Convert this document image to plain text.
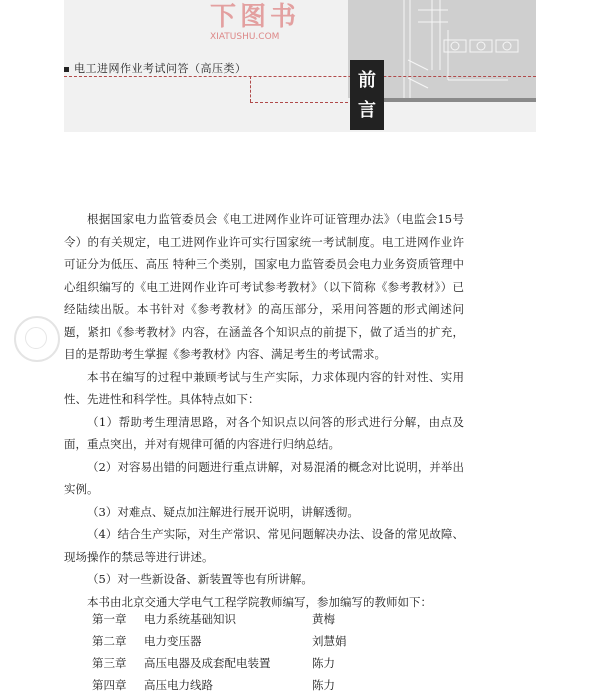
下图书
XIATUSHU.COM
电工进网作业考试问答（高压类）
前
言

根据国家电力监管委员会《电工进网作业许可证管理办法》（电监会15号令）的有关规定，电工进网作业许可实行国家统一考试制度。电工进网作业许可证分为低压、高压 特种三个类别，国家电力监管委员会电力业务资质管理中心组织编写的《电工进网作业许可考试参考教材》（以下简称《参考教材》）已经陆续出版。本书针对《参考教材》的高压部分，采用问答题的形式阐述问题，紧扣《参考教材》内容，在涵盖各个知识点的前提下，做了适当的扩充，目的是帮助考生掌握《参考教材》内容、满足考生的考试需求。

本书在编写的过程中兼顾考试与生产实际，力求体现内容的针对性、实用性、先进性和科学性。具体特点如下：

（1）帮助考生理清思路，对各个知识点以问答的形式进行分解，由点及面，重点突出，并对有规律可循的内容进行归纳总结。

（2）对容易出错的问题进行重点讲解，对易混淆的概念对比说明，并举出实例。

（3）对难点、疑点加注解进行展开说明，讲解透彻。

（4）结合生产实际，对生产常识、常见问题解决办法、设备的常见故障、现场操作的禁忌等进行讲述。

（5）对一些新设备、新装置等也有所讲解。

本书由北京交通大学电气工程学院教师编写，参加编写的教师如下：

第一章	电力系统基础知识	黄梅
第二章	电力变压器	刘慧娟
第三章	高压电器及成套配电装置	陈力
第四章	高压电力线路	陈力
